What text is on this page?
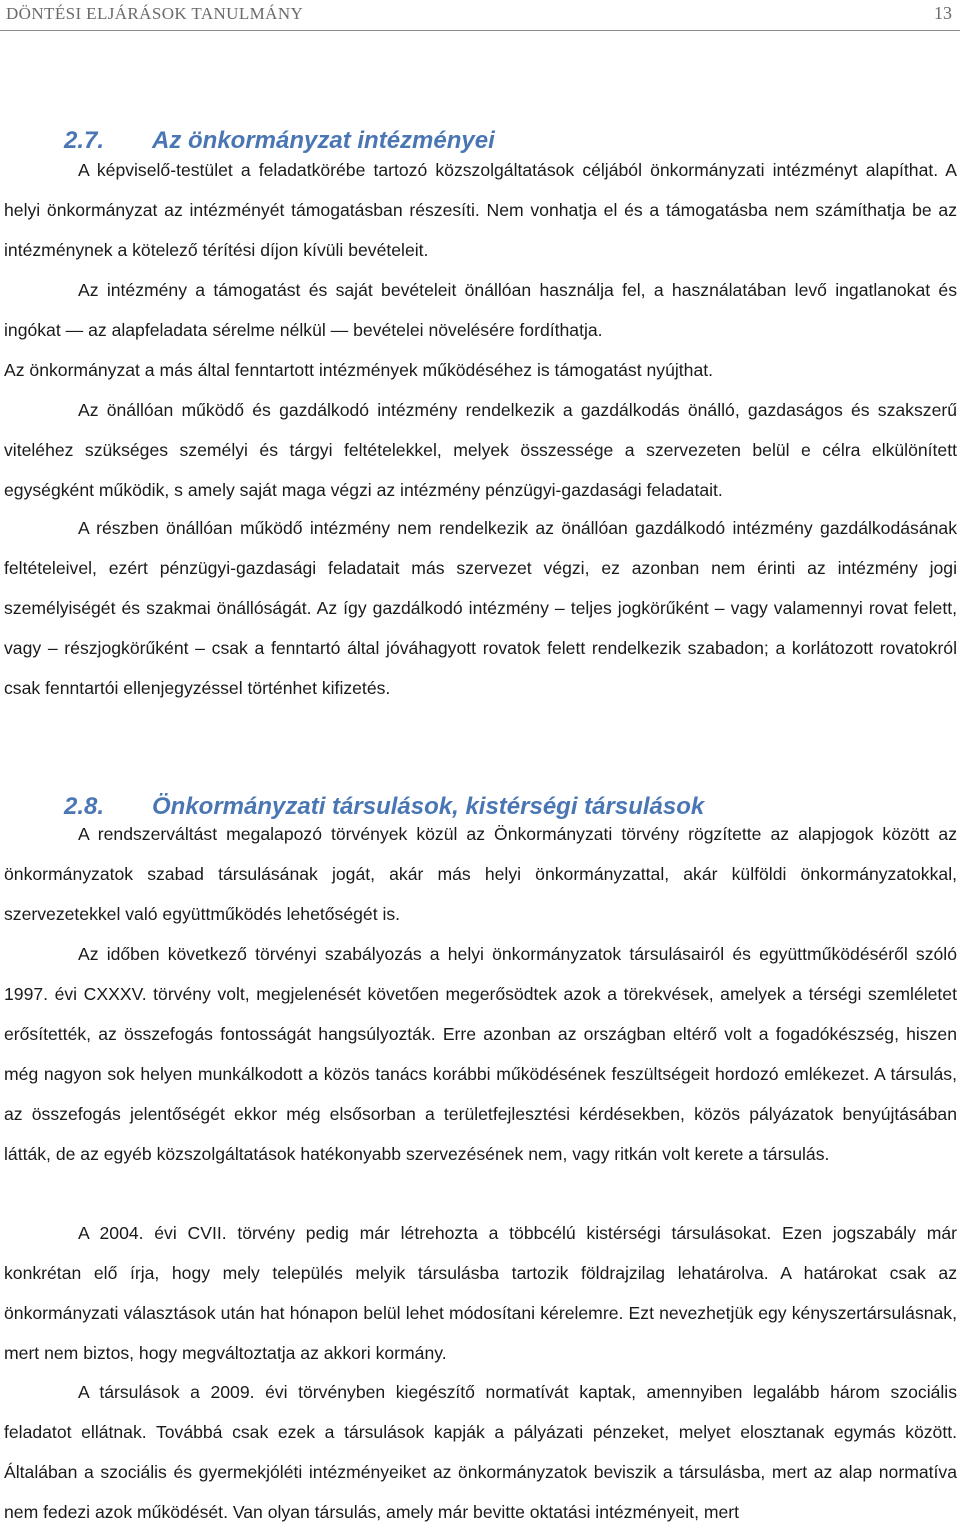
DÖNTÉSI ELJÁRÁSOK TANULMÁNY	13
2.7. Az önkormányzat intézményei

A képviselő-testület a feladatkörébe tartozó közszolgáltatások céljából önkormányzati intézményt alapíthat. A helyi önkormányzat az intézményét támogatásban részesíti. Nem vonhatja el és a támogatásba nem számíthatja be az intézménynek a kötelező térítési díjon kívüli bevételeit.

Az intézmény a támogatást és saját bevételeit önállóan használja fel, a használatában levő ingatlanokat és ingókat — az alapfeladata sérelme nélkül — bevételei növelésére fordíthatja.

Az önkormányzat a más által fenntartott intézmények működéséhez is támogatást nyújthat.

Az önállóan működő és gazdálkodó intézmény rendelkezik a gazdálkodás önálló, gazdaságos és szakszerű viteléhez szükséges személyi és tárgyi feltételekkel, melyek összessége a szervezeten belül e célra elkülönített egységként működik, s amely saját maga végzi az intézmény pénzügyi-gazdasági feladatait.

A részben önállóan működő intézmény nem rendelkezik az önállóan gazdálkodó intézmény gazdálkodásának feltételeivel, ezért pénzügyi-gazdasági feladatait más szervezet végzi, ez azonban nem érinti az intézmény jogi személyiségét és szakmai önállóságát. Az így gazdálkodó intézmény – teljes jogkörűként – vagy valamennyi rovat felett, vagy – részjogkörűként – csak a fenntartó által jóváhagyott rovatok felett rendelkezik szabadon; a korlátozott rovatokról csak fenntartói ellenjegyzéssel történhet kifizetés.

2.8. Önkormányzati társulások, kistérségi társulások

A rendszerváltást megalapozó törvények közül az Önkormányzati törvény rögzítette az alapjogok között az önkormányzatok szabad társulásának jogát, akár más helyi önkormányzattal, akár külföldi önkormányzatokkal, szervezetekkel való együttműködés lehetőségét is.

Az időben következő törvényi szabályozás a helyi önkormányzatok társulásairól és együttműködéséről szóló 1997. évi CXXXV. törvény volt, megjelenését követően megerősödtek azok a törekvések, amelyek a térségi szemléletet erősítették, az összefogás fontosságát hangsúlyozták. Erre azonban az országban eltérő volt a fogadókészség, hiszen még nagyon sok helyen munkálkodott a közös tanács korábbi működésének feszültségeit hordozó emlékezet. A társulás, az összefogás jelentőségét ekkor még elsősorban a területfejlesztési kérdésekben, közös pályázatok benyújtásában látták, de az egyéb közszolgáltatások hatékonyabb szervezésének nem, vagy ritkán volt kerete a társulás.

A 2004. évi CVII. törvény pedig már létrehozta a többcélú kistérségi társulásokat. Ezen jogszabály már konkrétan elő írja, hogy mely település melyik társulásba tartozik földrajzilag lehatárolva. A határokat csak az önkormányzati választások után hat hónapon belül lehet módosítani kérelemre. Ezt nevezhetjük egy kényszertársulásnak, mert nem biztos, hogy megváltoztatja az akkori kormány.

A társulások a 2009. évi törvényben kiegészítő normatívát kaptak, amennyiben legalább három szociális feladatot ellátnak. Továbbá csak ezek a társulások kapják a pályázati pénzeket, melyet elosztanak egymás között. Általában a szociális és gyermekjóléti intézményeiket az önkormányzatok beviszik a társulásba, mert az alap normatíva nem fedezi azok működését. Van olyan társulás, amely már bevitte oktatási intézményeit, mert
